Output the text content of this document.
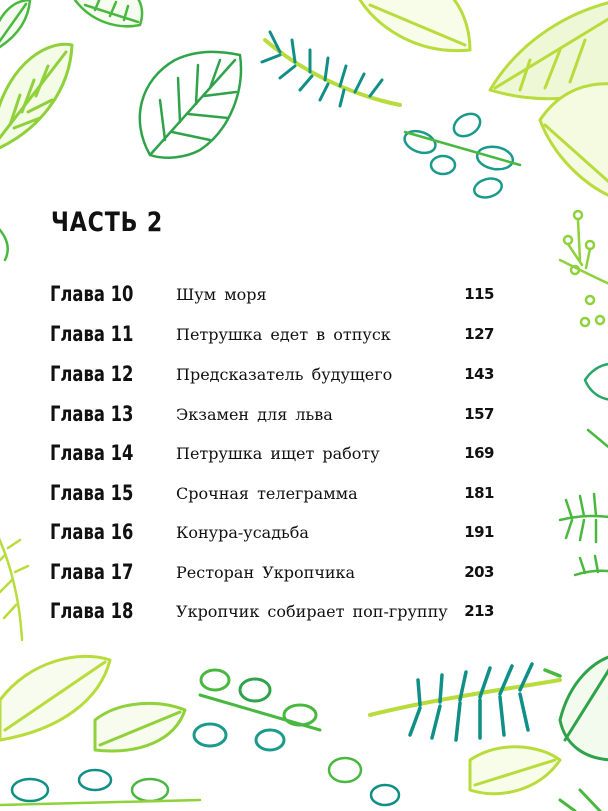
ЧАСТЬ 2
Глава 10	Шум моря	115
Глава 11	Петрушка едет в отпуск	127
Глава 12	Предсказатель будущего	143
Глава 13	Экзамен для льва	157
Глава 14	Петрушка ищет работу	169
Глава 15	Срочная телеграмма	181
Глава 16	Конура-усадьба	191
Глава 17	Ресторан Укропчика	203
Глава 18	Укропчик собирает поп-группу 213
